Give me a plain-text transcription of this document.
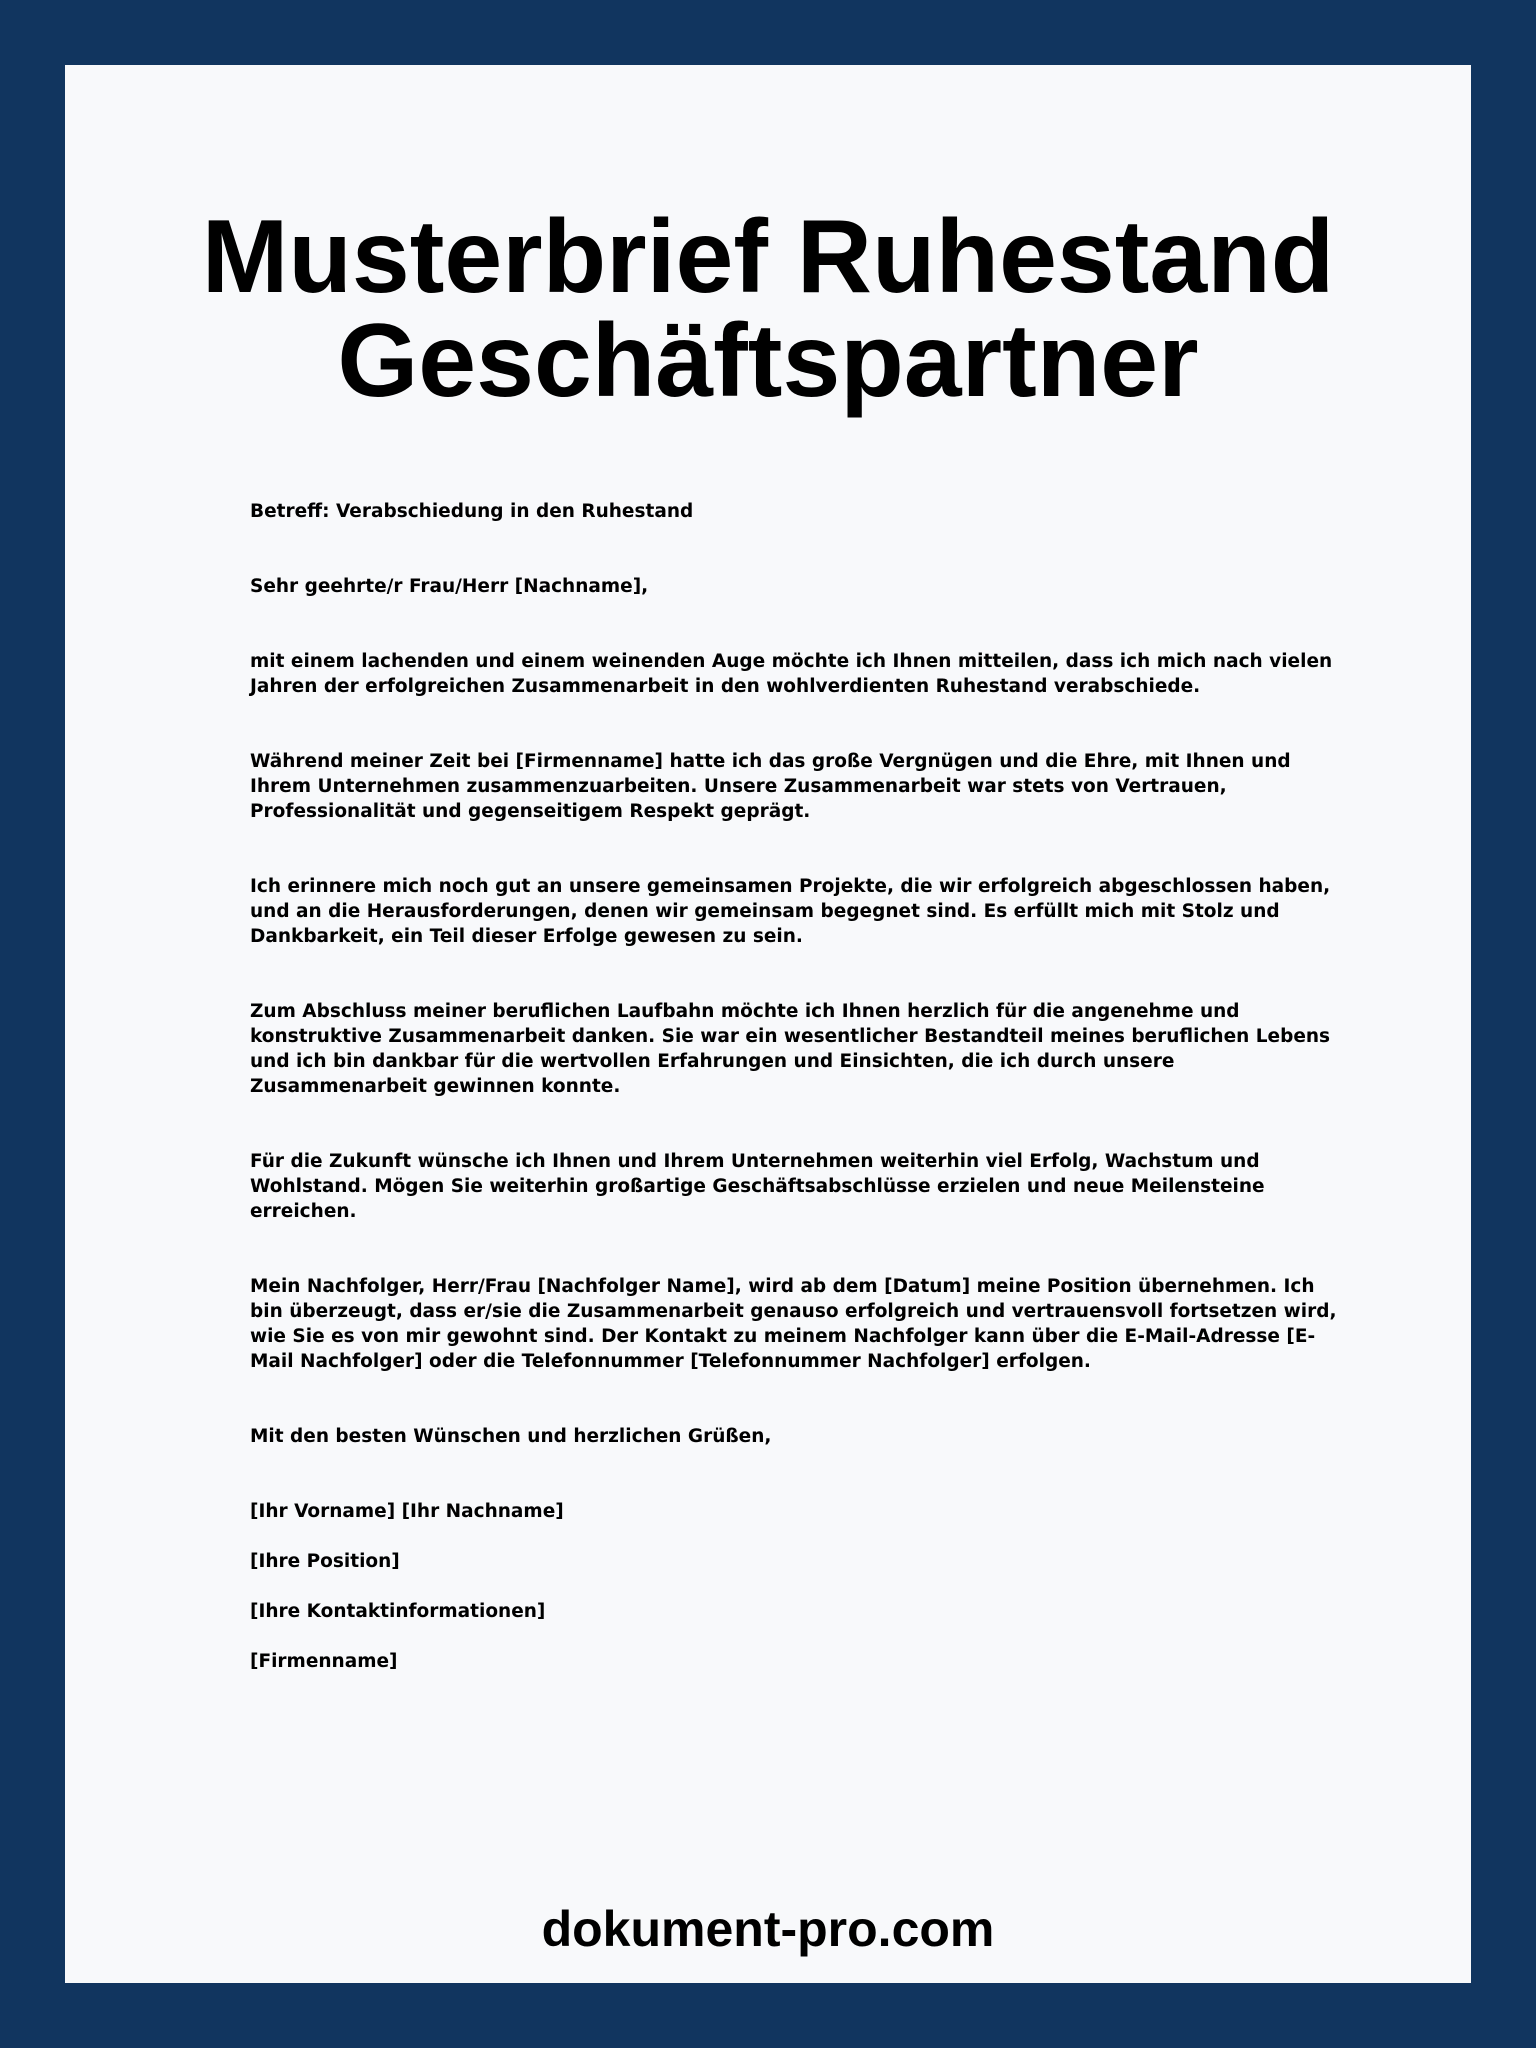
Musterbrief Ruhestand
Geschäftspartner

Betreff: Verabschiedung in den Ruhestand

Sehr geehrte/r Frau/Herr [Nachname],

mit einem lachenden und einem weinenden Auge möchte ich Ihnen mitteilen, dass ich mich nach vielen Jahren der erfolgreichen Zusammenarbeit in den wohlverdienten Ruhestand verabschiede.

Während meiner Zeit bei [Firmenname] hatte ich das große Vergnügen und die Ehre, mit Ihnen und Ihrem Unternehmen zusammenzuarbeiten. Unsere Zusammenarbeit war stets von Vertrauen, Professionalität und gegenseitigem Respekt geprägt.

Ich erinnere mich noch gut an unsere gemeinsamen Projekte, die wir erfolgreich abgeschlossen haben, und an die Herausforderungen, denen wir gemeinsam begegnet sind. Es erfüllt mich mit Stolz und Dankbarkeit, ein Teil dieser Erfolge gewesen zu sein.

Zum Abschluss meiner beruflichen Laufbahn möchte ich Ihnen herzlich für die angenehme und konstruktive Zusammenarbeit danken. Sie war ein wesentlicher Bestandteil meines beruflichen Lebens und ich bin dankbar für die wertvollen Erfahrungen und Einsichten, die ich durch unsere Zusammenarbeit gewinnen konnte.

Für die Zukunft wünsche ich Ihnen und Ihrem Unternehmen weiterhin viel Erfolg, Wachstum und Wohlstand. Mögen Sie weiterhin großartige Geschäftsabschlüsse erzielen und neue Meilensteine erreichen.

Mein Nachfolger, Herr/Frau [Nachfolger Name], wird ab dem [Datum] meine Position übernehmen. Ich bin überzeugt, dass er/sie die Zusammenarbeit genauso erfolgreich und vertrauensvoll fortsetzen wird, wie Sie es von mir gewohnt sind. Der Kontakt zu meinem Nachfolger kann über die E-Mail-Adresse [E-Mail Nachfolger] oder die Telefonnummer [Telefonnummer Nachfolger] erfolgen.

Mit den besten Wünschen und herzlichen Grüßen,

[Ihr Vorname] [Ihr Nachname]

[Ihre Position]

[Ihre Kontaktinformationen]

[Firmenname]

dokument-pro.com
